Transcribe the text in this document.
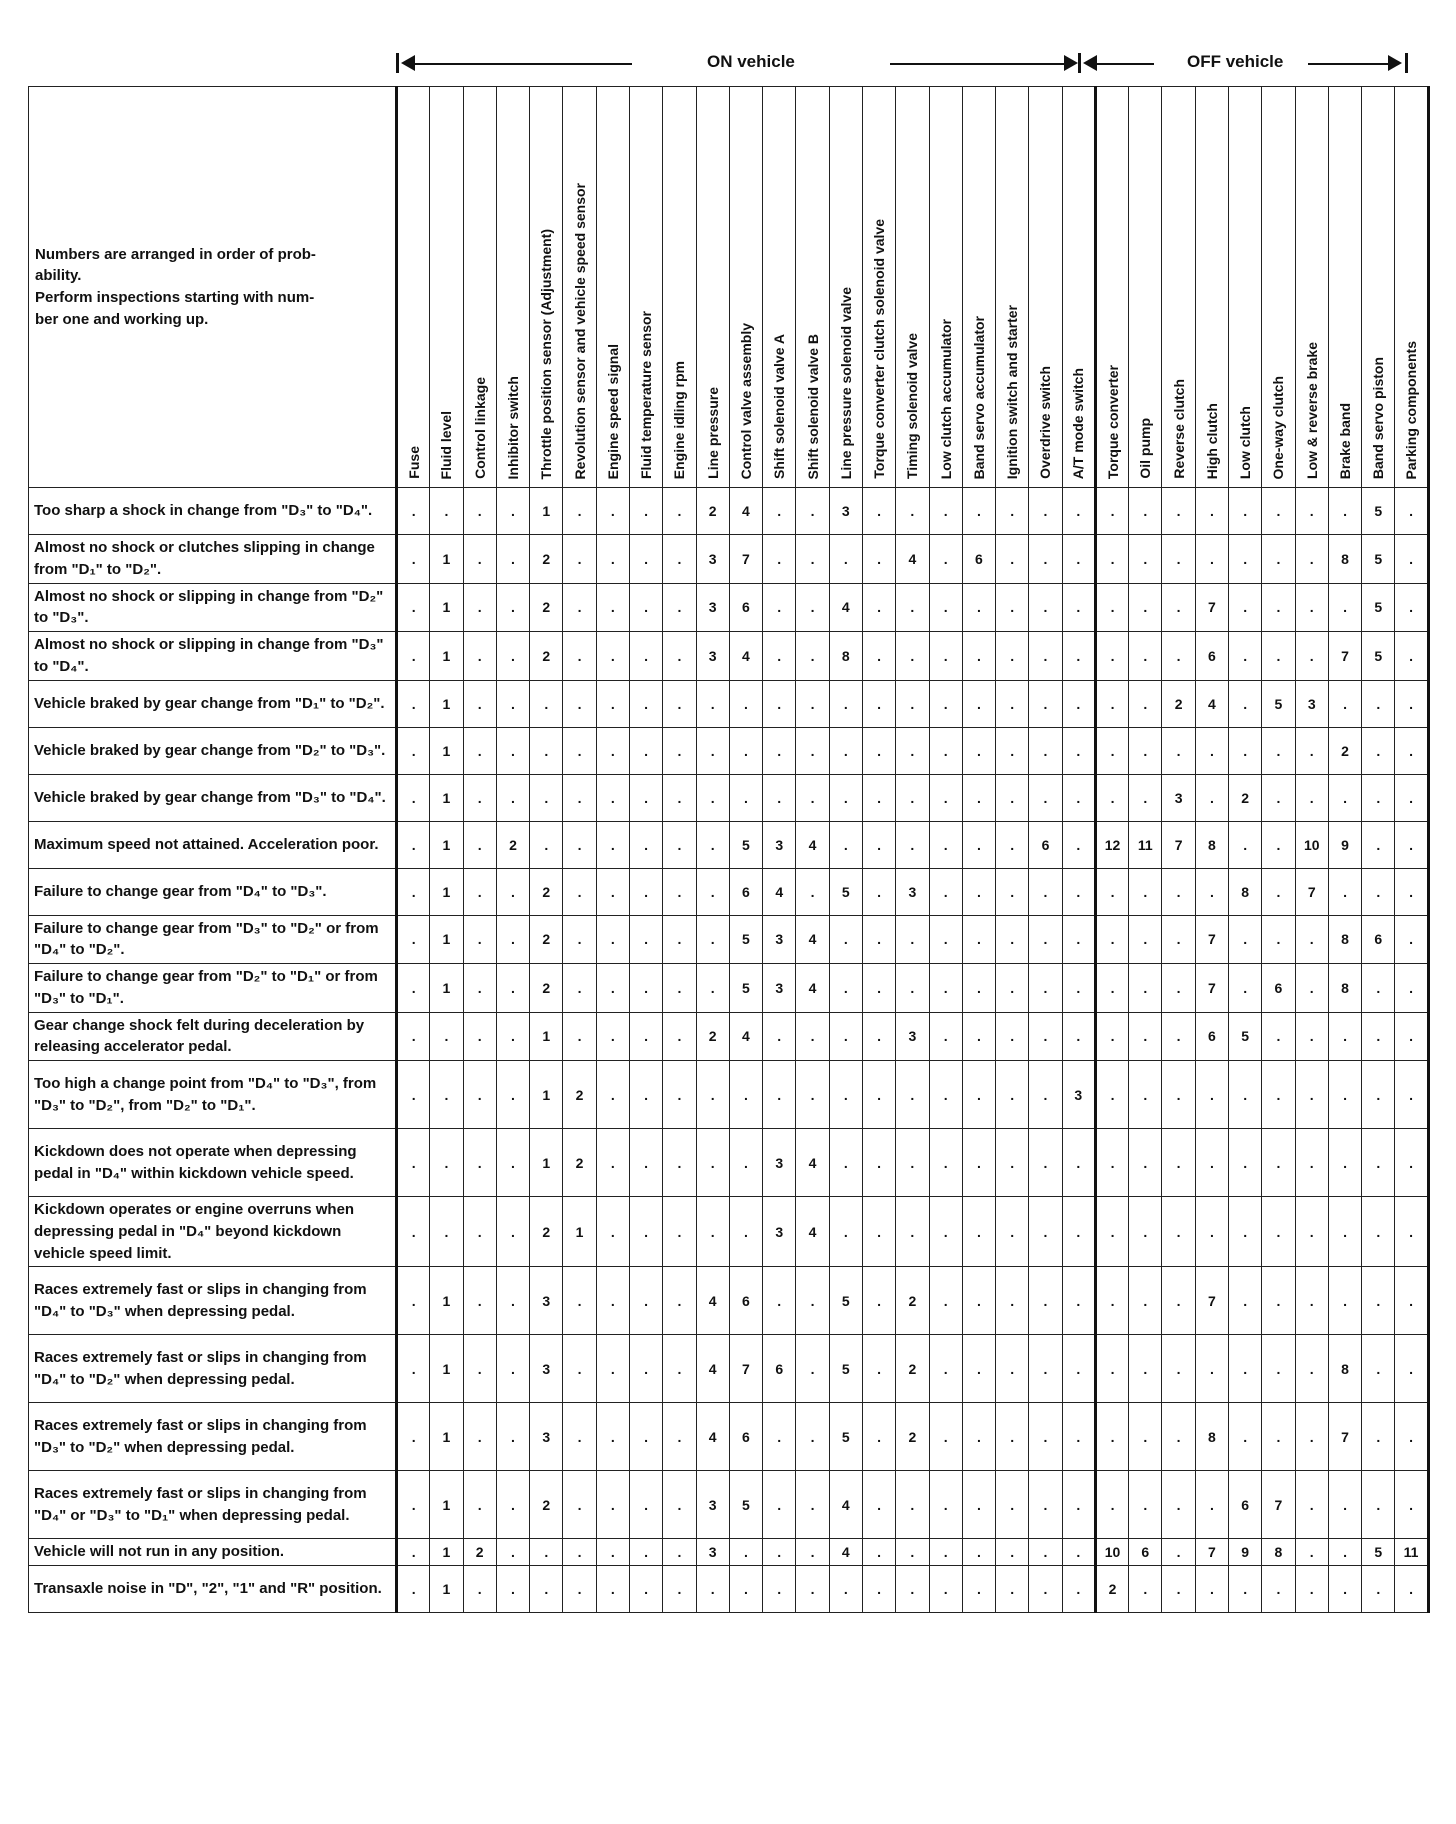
ON vehicle	OFF vehicle
Numbers are arranged in order of prob-
ability.
Perform inspections starting with num-
ber one and working up.	Fuse	Fluid level	Control linkage	Inhibitor switch	Throttle position sensor (Adjustment)	Revolution sensor and vehicle speed sensor	Engine speed signal	Fluid temperature sensor	Engine idling rpm	Line pressure	Control valve assembly	Shift solenoid valve A	Shift solenoid valve B	Line pressure solenoid valve	Torque converter clutch solenoid valve	Timing solenoid valve	Low clutch accumulator	Band servo accumulator	Ignition switch and starter	Overdrive switch	A/T mode switch	Torque converter	Oil pump	Reverse clutch	High clutch	Low clutch	One-way clutch	Low & reverse brake	Brake band	Band servo piston	Parking components

Too sharp a shock in change from "D₃" to "D₄".	.	.	.	.	1	.	.	.	.	2	4	.	.	3	.	.	.	.	.	.	.	.	.	.	.	.	.	.	.	5	.
Almost no shock or clutches slipping in change from "D₁" to "D₂".	.	1	.	.	2	.	.	.	.	3	7	.	.	.	.	4	.	6	.	.	.	.	.	.	.	.	.	.	8	5	.
Almost no shock or slipping in change from "D₂" to "D₃".	.	1	.	.	2	.	.	.	.	3	6	.	.	4	.	.	.	.	.	.	.	.	.	.	7	.	.	.	.	5	.
Almost no shock or slipping in change from "D₃" to "D₄".	.	1	.	.	2	.	.	.	.	3	4	.	.	8	.	.	.	.	.	.	.	.	.	.	6	.	.	.	7	5	.
Vehicle braked by gear change from "D₁" to "D₂".	.	1	.	.	.	.	.	.	.	.	.	.	.	.	.	.	.	.	.	.	.	.	.	2	4	.	5	3	.	.	.
Vehicle braked by gear change from "D₂" to "D₃".	.	1	.	.	.	.	.	.	.	.	.	.	.	.	.	.	.	.	.	.	.	.	.	.	.	.	.	.	2	.	.
Vehicle braked by gear change from "D₃" to "D₄".	.	1	.	.	.	.	.	.	.	.	.	.	.	.	.	.	.	.	.	.	.	.	.	3	.	2	.	.	.	.	.
Maximum speed not attained. Acceleration poor.	.	1	.	2	.	.	.	.	.	.	5	3	4	.	.	.	.	.	.	6	.	12	11	7	8	.	.	10	9	.	.
Failure to change gear from "D₄" to "D₃".	.	1	.	.	2	.	.	.	.	.	6	4	.	5	.	3	.	.	.	.	.	.	.	.	.	8	.	7	.	.	.
Failure to change gear from "D₃" to "D₂" or from "D₄" to "D₂".	.	1	.	.	2	.	.	.	.	.	5	3	4	.	.	.	.	.	.	.	.	.	.	.	7	.	.	.	8	6	.
Failure to change gear from "D₂" to "D₁" or from "D₃" to "D₁".	.	1	.	.	2	.	.	.	.	.	5	3	4	.	.	.	.	.	.	.	.	.	.	.	7	.	6	.	8	.	.
Gear change shock felt during deceleration by releasing accelerator pedal.	.	.	.	.	1	.	.	.	.	2	4	.	.	.	.	3	.	.	.	.	.	.	.	.	6	5	.	.	.	.	.
Too high a change point from "D₄" to "D₃", from "D₃" to "D₂", from "D₂" to "D₁".	.	.	.	.	1	2	.	.	.	.	.	.	.	.	.	.	.	.	.	.	3	.	.	.	.	.	.	.	.	.	.
Kickdown does not operate when depressing pedal in "D₄" within kickdown vehicle speed.	.	.	.	.	1	2	.	.	.	.	.	3	4	.	.	.	.	.	.	.	.	.	.	.	.	.	.	.	.	.	.
Kickdown operates or engine overruns when depressing pedal in "D₄" beyond kickdown vehicle speed limit.	.	.	.	.	2	1	.	.	.	.	.	3	4	.	.	.	.	.	.	.	.	.	.	.	.	.	.	.	.	.	.
Races extremely fast or slips in changing from "D₄" to "D₃" when depressing pedal.	.	1	.	.	3	.	.	.	.	4	6	.	.	5	.	2	.	.	.	.	.	.	.	.	7	.	.	.	.	.	.
Races extremely fast or slips in changing from "D₄" to "D₂" when depressing pedal.	.	1	.	.	3	.	.	.	.	4	7	6	.	5	.	2	.	.	.	.	.	.	.	.	.	.	.	.	8	.	.
Races extremely fast or slips in changing from "D₃" to "D₂" when depressing pedal.	.	1	.	.	3	.	.	.	.	4	6	.	.	5	.	2	.	.	.	.	.	.	.	.	8	.	.	.	7	.	.
Races extremely fast or slips in changing from "D₄" or "D₃" to "D₁" when depressing pedal.	.	1	.	.	2	.	.	.	.	3	5	.	.	4	.	.	.	.	.	.	.	.	.	.	.	6	7	.	.	.	.
Vehicle will not run in any position.	.	1	2	.	.	.	.	.	.	3	.	.	.	4	.	.	.	.	.	.	.	10	6	.	7	9	8	.	.	5	11
Transaxle noise in "D", "2", "1" and "R" position.	.	1	.	.	.	.	.	.	.	.	.	.	.	.	.	.	.	.	.	.	.	2	.	.	.	.	.	.	.	.	.
